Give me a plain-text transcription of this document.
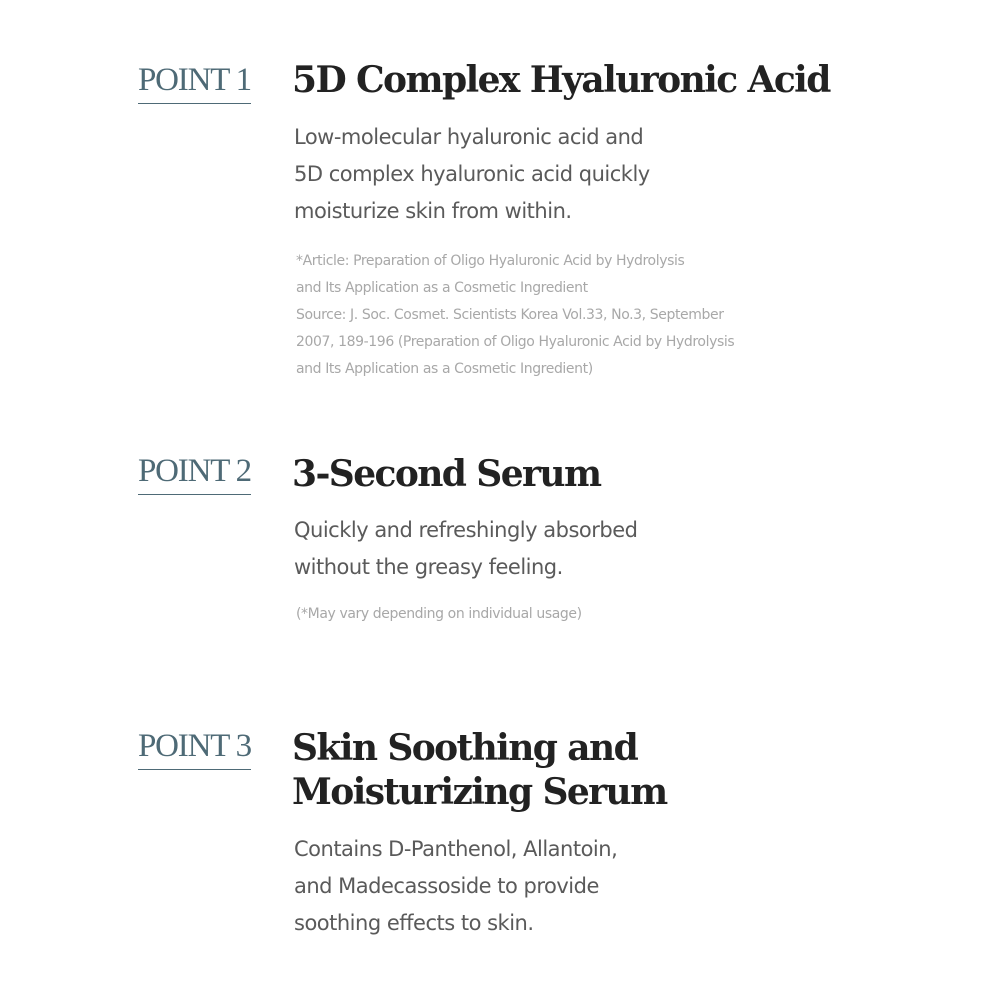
POINT 1 5D Complex Hyaluronic Acid

Low-molecular hyaluronic acid and
5D complex hyaluronic acid quickly
moisturize skin from within.

*Article: Preparation of Oligo Hyaluronic Acid by Hydrolysis
and Its Application as a Cosmetic Ingredient
Source: J. Soc. Cosmet. Scientists Korea Vol.33, No.3, September
2007, 189-196 (Preparation of Oligo Hyaluronic Acid by Hydrolysis
and Its Application as a Cosmetic Ingredient)

POINT 2 3-Second Serum

Quickly and refreshingly absorbed
without the greasy feeling.

(*May vary depending on individual usage)

POINT 3 Skin Soothing and
Moisturizing Serum

Contains D-Panthenol, Allantoin,
and Madecassoside to provide
soothing effects to skin.
